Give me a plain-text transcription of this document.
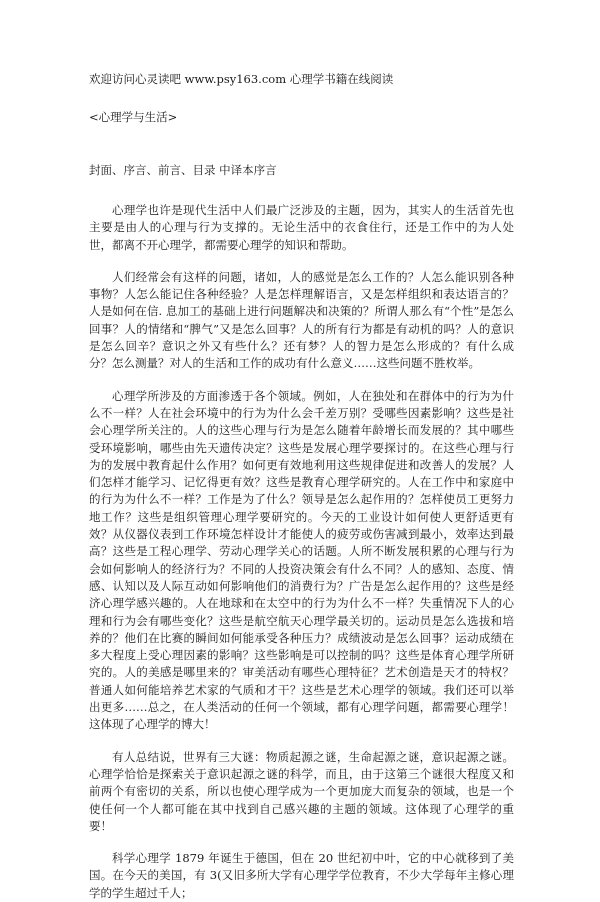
欢迎访问心灵读吧 www.psy163.com 心理学书籍在线阅读
<心理学与生活>
封面、序言、前言、目录 中译本序言

心理学也许是现代生活中人们最广泛涉及的主题，因为，其实人的生活首先也主要是由人的心理与行为支撑的。无论生活中的衣食住行，还是工作中的为人处世，都离不开心理学，都需要心理学的知识和帮助。

人们经常会有这样的问题，诸如，人的感觉是怎么工作的？人怎么能识别各种事物？人怎么能记住各种经验？人是怎样理解语言，又是怎样组织和表达语言的？人是如何在信. 息加工的基础上进行问题解决和决策的？所谓人那么有“个性”是怎么回事？人的情绪和“脾气”又是怎么回事？人的所有行为都是有动机的吗？人的意识是怎么回辛？意识之外又有些什么？还有梦？人的智力是怎么形成的？有什么成分？怎么测量？对人的生活和工作的成功有什么意义……这些问题不胜枚举。

心理学所涉及的方面渗透于各个领域。例如，人在独处和在群体中的行为为什么不一样？人在社会环境中的行为为什么会千差万别？受哪些因素影响？这些是社会心理学所关注的。人的这些心理与行为是怎么随着年龄增长而发展的？其中哪些受环境影响，哪些由先天遗传决定？这些是发展心理学要探讨的。在这些心理与行为的发展中教育起什么作用？如何更有效地利用这些规律促进和改善人的发展？人们怎样才能学习、记忆得更有效？这些是教育心理学研究的。人在工作中和家庭中的行为为什么不一样？工作是为了什么？领导是怎么起作用的？怎样使员工更努力地工作？这些是组织管理心理学要研究的。今天的工业设计如何使人更舒适更有效？从仪器仪表到工作环境怎样设计才能使人的疲劳或伤害减到最小，效率达到最高？这些是工程心理学、劳动心理学关心的话题。人所不断发展积累的心理与行为会如何影响人的经济行为？不同的人投资决策会有什么不同？人的感知、态度、情感、认知以及人际互动如何影响他们的消费行为？广告是怎么起作用的？这些是经济心理学感兴趣的。人在地球和在太空中的行为为什么不一样？失重情况下人的心理和行为会有哪些变化？这些是航空航天心理学最关切的。运动员是怎么选拔和培养的？他们在比赛的瞬间如何能承受各种压力？成绩波动是怎么回事？运动成绩在多大程度上受心理因素的影响？这些影响是可以控制的吗？这些是体育心理学所研究的。人的美感是哪里来的？审美活动有哪些心理特征？艺术创造是天才的特权？普通人如何能培养艺术家的气质和才干？这些是艺术心理学的领域。我们还可以举出更多……总之，在人类活动的任何一个领域，都有心理学问题，都需要心理学！这体现了心理学的博大！

有人总结说，世界有三大谜：物质起源之谜，生命起源之谜，意识起源之谜。心理学恰恰是探索关于意识起源之谜的科学，而且，由于这第三个谜很大程度又和前两个有密切的关系，所以也使心理学成为一个更加庞大而复杂的领域，也是一个使任何一个人都可能在其中找到自己感兴趣的主题的领域。这体现了心理学的重要！

科学心理学 1879 年诞生于德国，但在 20 世纪初中叶，它的中心就移到了美国。在今天的美国，有 3(又旧多所大学有心理学学位教育，不少大学每年主修心理学的学生超过千人；
